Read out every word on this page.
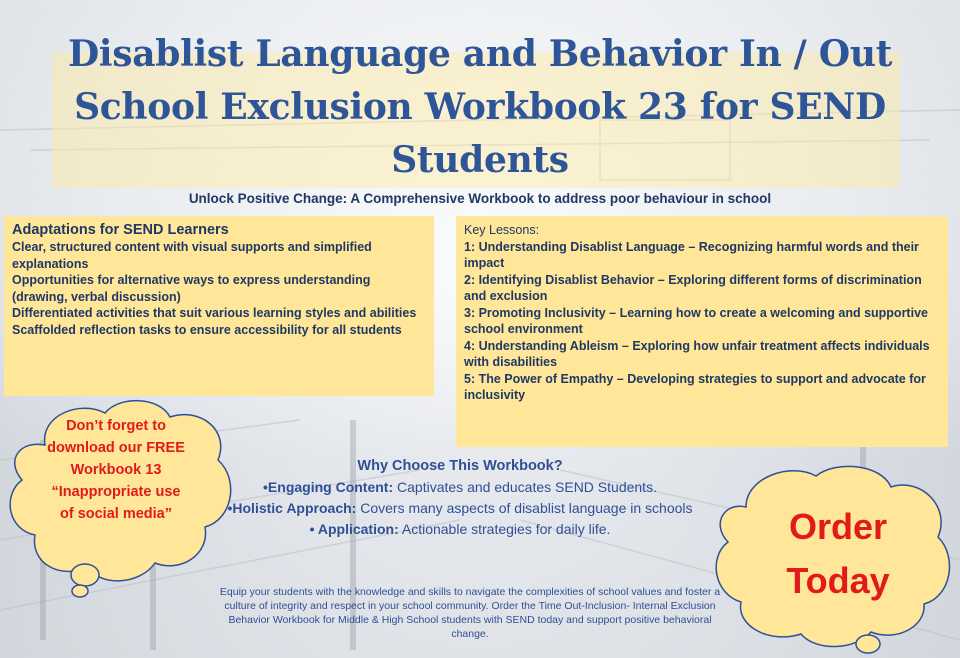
Disablist Language and Behavior In / Out School Exclusion Workbook 23 for SEND Students
Unlock Positive Change: A Comprehensive Workbook to address poor behaviour in school
Adaptations for SEND Learners

Clear, structured content with visual supports and simplified explanations

Opportunities for alternative ways to express understanding (drawing, verbal discussion)

Differentiated activities that suit various learning styles and abilities

Scaffolded reflection tasks to ensure accessibility for all students

Key Lessons:

1: Understanding Disablist Language – Recognizing harmful words and their impact

2: Identifying Disablist Behavior – Exploring different forms of discrimination and exclusion

3: Promoting Inclusivity – Learning how to create a welcoming and supportive school environment

4: Understanding Ableism – Exploring how unfair treatment affects individuals with disabilities

5: The Power of Empathy – Developing strategies to support and advocate for inclusivity

Why Choose This Workbook?
•Engaging Content: Captivates and educates SEND Students.
•Holistic Approach: Covers many aspects of disablist language in schools
• Application: Actionable strategies for daily life.
Equip your students with the knowledge and skills to navigate the complexities of school values and foster a culture of integrity and respect in your school community. Order the Time Out-Inclusion- Internal Exclusion Behavior Workbook for Middle & High School students with SEND today and support positive behavioral change.
Don’t forget to download our FREE Workbook 13 “Inappropriate use of social media”	Order Today
